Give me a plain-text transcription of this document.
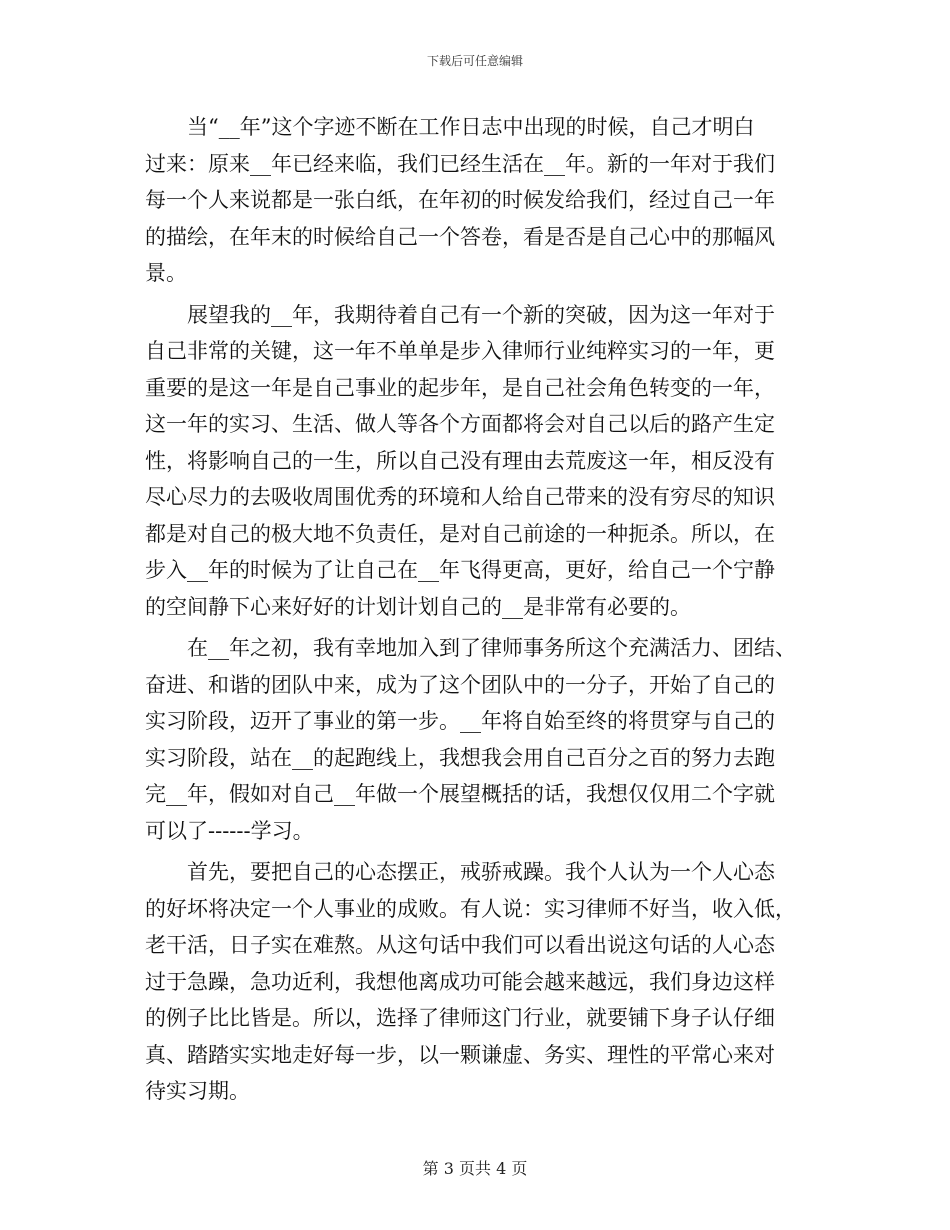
下载后可任意编辑
　　当“__年”这个字迹不断在工作日志中出现的时候，自己才明白
过来：原来__年已经来临，我们已经生活在__年。新的一年对于我们
每一个人来说都是一张白纸，在年初的时候发给我们，经过自己一年
的描绘，在年末的时候给自己一个答卷，看是否是自己心中的那幅风
景。
　　展望我的__年，我期待着自己有一个新的突破，因为这一年对于
自己非常的关键，这一年不单单是步入律师行业纯粹实习的一年，更
重要的是这一年是自己事业的起步年，是自己社会角色转变的一年，
这一年的实习、生活、做人等各个方面都将会对自己以后的路产生定
性，将影响自己的一生，所以自己没有理由去荒废这一年，相反没有
尽心尽力的去吸收周围优秀的环境和人给自己带来的没有穷尽的知识
都是对自己的极大地不负责任，是对自己前途的一种扼杀。所以，在
步入__年的时候为了让自己在__年飞得更高，更好，给自己一个宁静
的空间静下心来好好的计划计划自己的__是非常有必要的。
　　在__年之初，我有幸地加入到了律师事务所这个充满活力、团结、
奋进、和谐的团队中来，成为了这个团队中的一分子，开始了自己的
实习阶段，迈开了事业的第一步。__年将自始至终的将贯穿与自己的
实习阶段，站在__的起跑线上，我想我会用自己百分之百的努力去跑
完__年，假如对自己__年做一个展望概括的话，我想仅仅用二个字就
可以了------学习。
　　首先，要把自己的心态摆正，戒骄戒躁。我个人认为一个人心态
的好坏将决定一个人事业的成败。有人说：实习律师不好当，收入低，
老干活，日子实在难熬。从这句话中我们可以看出说这句话的人心态
过于急躁，急功近利，我想他离成功可能会越来越远，我们身边这样
的例子比比皆是。所以，选择了律师这门行业，就要铺下身子认仔细
真、踏踏实实地走好每一步，以一颗谦虚、务实、理性的平常心来对
待实习期。
第 3 页共 4 页
